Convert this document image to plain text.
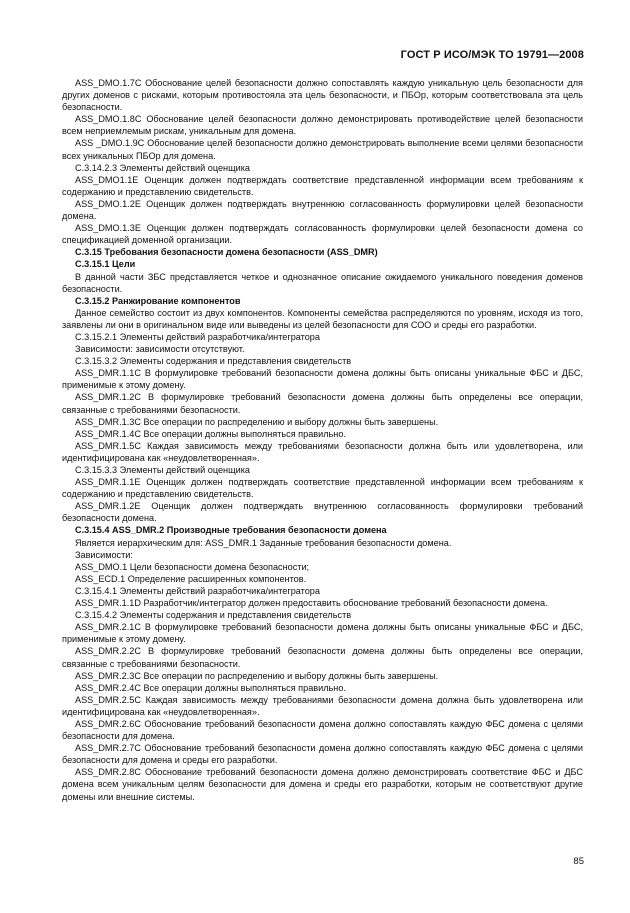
ГОСТ Р ИСО/МЭК ТО 19791—2008

ASS_DMO.1.7С Обоснование целей безопасности должно сопоставлять каждую уникальную цель безопасности для других доменов с рисками, которым противостояла эта цель безопасности, и ПБОр, которым соответствовала эта цель безопасности.

ASS_DMO.1.8С Обоснование целей безопасности должно демонстрировать противодействие целей безопасности всем неприемлемым рискам, уникальным для домена.

ASS _DMO.1.9С Обоснование целей безопасности должно демонстрировать выполнение всеми целями безопасности всех уникальных ПБОр для домена.

С.3.14.2.3 Элементы действий оценщика

ASS_DMO1.1Е Оценщик должен подтверждать соответствие представленной информации всем требованиям к содержанию и представлению свидетельств.

ASS_DMO.1.2Е Оценщик должен подтверждать внутреннюю согласованность формулировки целей безопасности домена.

ASS_DMO.1.3Е Оценщик должен подтверждать согласованность формулировки целей безопасности домена со спецификацией доменной организации.

С.3.15 Требования безопасности домена безопасности (ASS_DMR)

С.3.15.1 Цели

В данной части ЗБС представляется четкое и однозначное описание ожидаемого уникального поведения доменов безопасности.

С.3.15.2 Ранжирование компонентов

Данное семейство состоит из двух компонентов. Компоненты семейства распределяются по уровням, исходя из того, заявлены ли они в оригинальном виде или выведены из целей безопасности для СОО и среды его разработки.

С.3.15.2.1 Элементы действий разработчика/интегратора

Зависимости: зависимости отсутствуют.

С.3.15.3.2 Элементы содержания и представления свидетельств

ASS_DMR.1.1С В формулировке требований безопасности домена должны быть описаны уникальные ФБС и ДБС, применимые к этому домену.

ASS_DMR.1.2С В формулировке требований безопасности домена должны быть определены все операции, связанные с требованиями безопасности.

ASS_DMR.1.3С Все операции по распределению и выбору должны быть завершены.

ASS_DMR.1.4С Все операции должны выполняться правильно.

ASS_DMR.1.5С Каждая зависимость между требованиями безопасности должна быть или удовлетворена, или идентифицирована как «неудовлетворенная».

С.3.15.3.3 Элементы действий оценщика

ASS_DMR.1.1Е Оценщик должен подтверждать соответствие представленной информации всем требованиям к содержанию и представлению свидетельств.

ASS_DMR.1.2Е Оценщик должен подтверждать внутреннюю согласованность формулировки требований безопасности домена.

С.3.15.4 ASS_DMR.2 Производные требования безопасности домена

Является иерархическим для: ASS_DMR.1 Заданные требования безопасности домена.

Зависимости:

ASS_DMO.1 Цели безопасности домена безопасности;

ASS_ECD.1 Определение расширенных компонентов.

С.3.15.4.1 Элементы действий разработчика/интегратора

ASS_DMR.1.1D Разработчик/интегратор должен предоставить обоснование требований безопасности домена.

С.3.15.4.2 Элементы содержания и представления свидетельств

ASS_DMR.2.1С В формулировке требований безопасности домена должны быть описаны уникальные ФБС и ДБС, применимые к этому домену.

ASS_DMR.2.2С В формулировке требований безопасности домена должны быть определены все операции, связанные с требованиями безопасности.

ASS_DMR.2.3С Все операции по распределению и выбору должны быть завершены.

ASS_DMR.2.4С Все операции должны выполняться правильно.

ASS_DMR.2.5С Каждая зависимость между требованиями безопасности домена должна быть удовлетворена или идентифицирована как «неудовлетворенная».

ASS_DMR.2.6С Обоснование требований безопасности домена должно сопоставлять каждую ФБС домена с целями безопасности для домена.

ASS_DMR.2.7С Обоснование требований безопасности домена должно сопоставлять каждую ФБС домена с целями безопасности для домена и среды его разработки.

ASS_DMR.2.8С Обоснование требований безопасности домена должно демонстрировать соответствие ФБС и ДБС домена всем уникальным целям безопасности для домена и среды его разработки, которым не соответствуют другие домены или внешние системы.

85
